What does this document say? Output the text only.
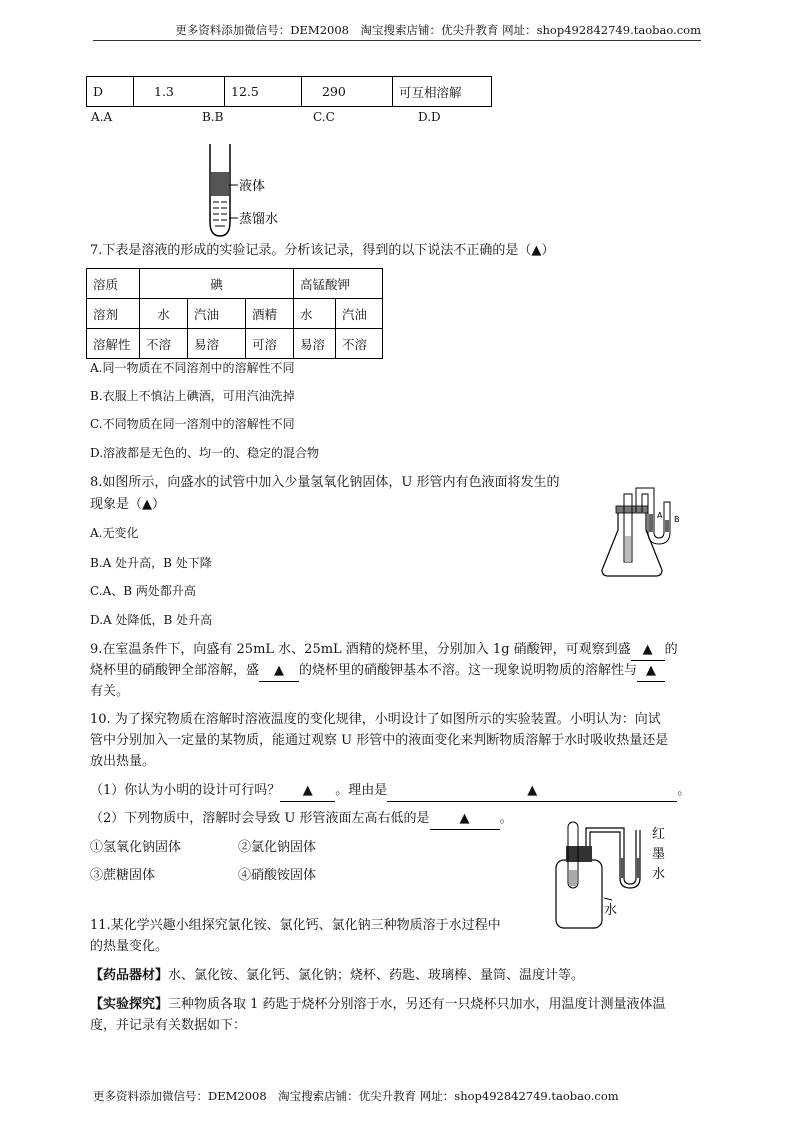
更多资料添加微信号：DEM2008　淘宝搜索店铺：优尖升教育 网址：shop492842749.taobao.com
D	1.3	12.5	290	可互相溶解
A.A	B.B	C.C	D.D
液体
蒸馏水
7.下表是溶液的形成的实验记录。分析该记录，得到的以下说法不正确的是（▲）
溶质	碘			高锰酸钾	
溶剂	水	汽油	酒精	水	汽油
溶解性	不溶	易溶	可溶	易溶	不溶
A.同一物质在不同溶剂中的溶解性不同
B.衣服上不慎沾上碘酒，可用汽油洗掉
C.不同物质在同一溶剂中的溶解性不同
D.溶液都是无色的、均一的、稳定的混合物
8.如图所示，向盛水的试管中加入少量氢氧化钠固体，U 形管内有色液面将发生的
现象是（▲）
A.无变化
B.A 处升高，B 处下降
C.A、B 两处都升高
D.A 处降低，B 处升高
A B
9.在室温条件下，向盛有 25mL 水、25mL 酒精的烧杯里，分别加入 1g 硝酸钾，可观察到盛 ▲ 的
烧杯里的硝酸钾全部溶解，盛 ▲ 的烧杯里的硝酸钾基本不溶。这一现象说明物质的溶解性与 ▲
有关。
10. 为了探究物质在溶解时溶液温度的变化规律，小明设计了如图所示的实验装置。小明认为：向试
管中分别加入一定量的某物质，能通过观察 U 形管中的液面变化来判断物质溶解于水时吸收热量还是
放出热量。
（1）你认为小明的设计可行吗？ ▲ 。理由是	▲	。
（2）下列物质中，溶解时会导致 U 形管液面左高右低的是 ▲ 。
①氢氧化钠固体	②氯化钠固体
③蔗糖固体	④硝酸铵固体
水
红
墨
水
11.某化学兴趣小组探究氯化铵、氯化钙、氯化钠三种物质溶于水过程中
的热量变化。
【药品器材】水、氯化铵、氯化钙、氯化钠；烧杯、药匙、玻璃棒、量筒、温度计等。
【实验探究】三种物质各取 1 药匙于烧杯分别溶于水，另还有一只烧杯只加水，用温度计测量液体温
度，并记录有关数据如下：
更多资料添加微信号：DEM2008　淘宝搜索店铺：优尖升教育 网址：shop492842749.taobao.com
